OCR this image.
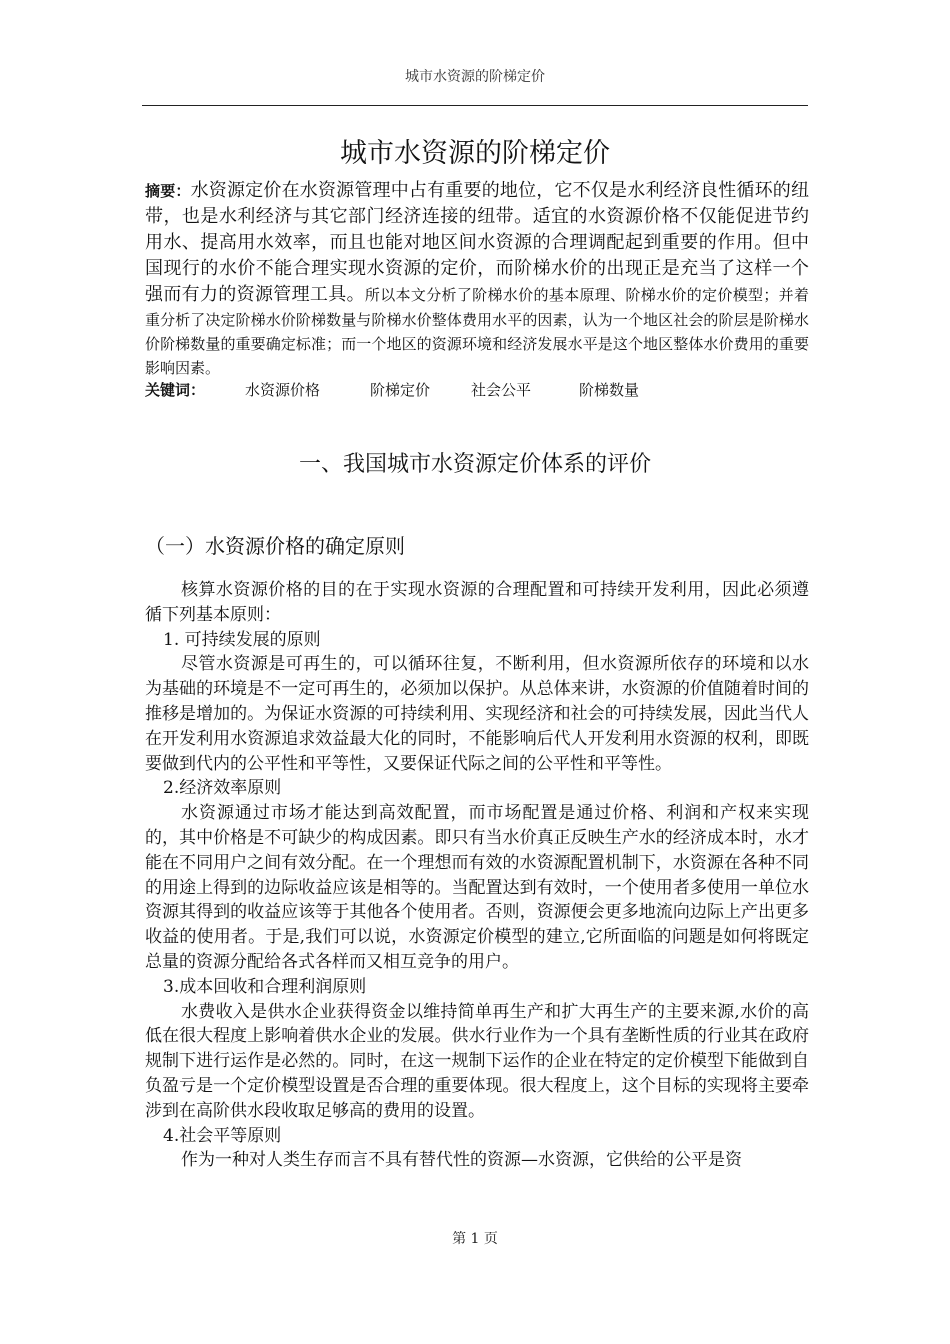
城市水资源的阶梯定价
城市水资源的阶梯定价
摘要：水资源定价在水资源管理中占有重要的地位，它不仅是水利经济良性循环的纽带，也是水利经济与其它部门经济连接的纽带。适宜的水资源价格不仅能促进节约用水、提高用水效率，而且也能对地区间水资源的合理调配起到重要的作用。但中国现行的水价不能合理实现水资源的定价，而阶梯水价的出现正是充当了这样一个强而有力的资源管理工具。所以本文分析了阶梯水价的基本原理、阶梯水价的定价模型；并着重分析了决定阶梯水价阶梯数量与阶梯水价整体费用水平的因素，认为一个地区社会的阶层是阶梯水价阶梯数量的重要确定标准；而一个地区的资源环境和经济发展水平是这个地区整体水价费用的重要影响因素。
关键词：	水资源价格	阶梯定价	社会公平	阶梯数量
一、我国城市水资源定价体系的评价
（一）水资源价格的确定原则

核算水资源价格的目的在于实现水资源的合理配置和可持续开发利用，因此必须遵循下列基本原则：

1. 可持续发展的原则

尽管水资源是可再生的，可以循环往复，不断利用，但水资源所依存的环境和以水为基础的环境是不一定可再生的，必须加以保护。从总体来讲，水资源的价值随着时间的推移是增加的。为保证水资源的可持续利用、实现经济和社会的可持续发展，因此当代人在开发利用水资源追求效益最大化的同时，不能影响后代人开发利用水资源的权利，即既要做到代内的公平性和平等性，又要保证代际之间的公平性和平等性。

2.经济效率原则

水资源通过市场才能达到高效配置，而市场配置是通过价格、利润和产权来实现的，其中价格是不可缺少的构成因素。即只有当水价真正反映生产水的经济成本时，水才能在不同用户之间有效分配。在一个理想而有效的水资源配置机制下，水资源在各种不同的用途上得到的边际收益应该是相等的。当配置达到有效时，一个使用者多使用一单位水资源其得到的收益应该等于其他各个使用者。否则，资源便会更多地流向边际上产出更多收益的使用者。于是,我们可以说，水资源定价模型的建立,它所面临的问题是如何将既定总量的资源分配给各式各样而又相互竞争的用户。

3.成本回收和合理利润原则

水费收入是供水企业获得资金以维持简单再生产和扩大再生产的主要来源,水价的高低在很大程度上影响着供水企业的发展。供水行业作为一个具有垄断性质的行业其在政府规制下进行运作是必然的。同时，在这一规制下运作的企业在特定的定价模型下能做到自负盈亏是一个定价模型设置是否合理的重要体现。很大程度上，这个目标的实现将主要牵涉到在高阶供水段收取足够高的费用的设置。

4.社会平等原则

作为一种对人类生存而言不具有替代性的资源—水资源，它供给的公平是资

第 1 页
